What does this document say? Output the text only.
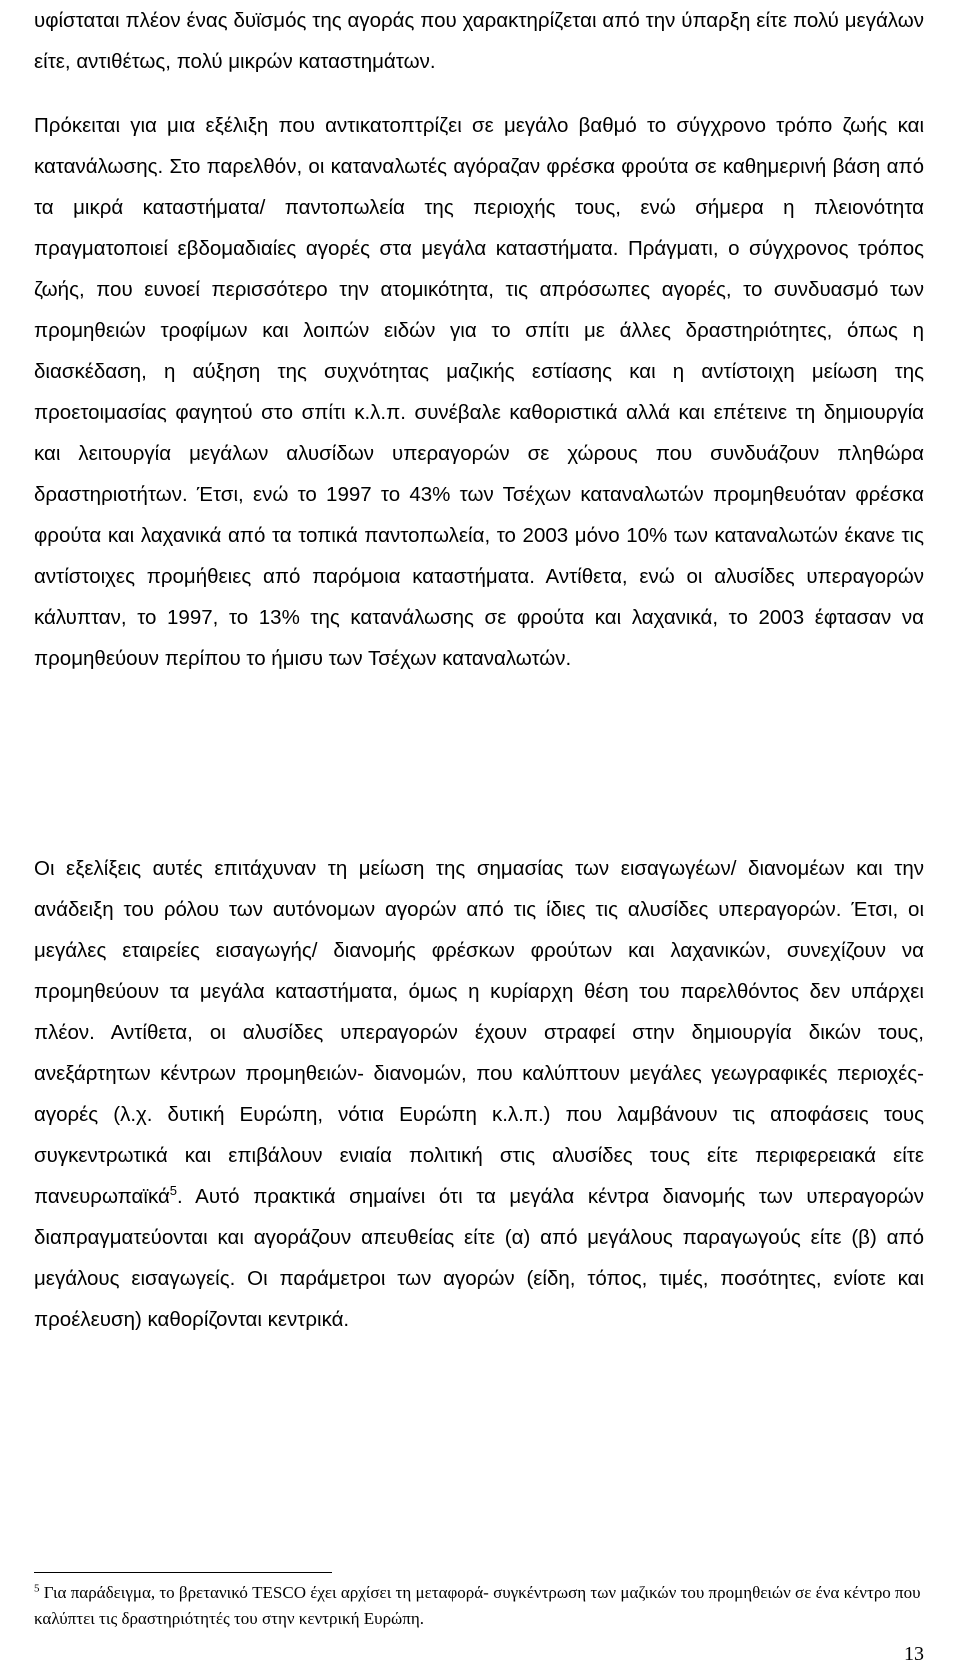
υφίσταται πλέον ένας δυϊσμός της αγοράς που χαρακτηρίζεται από την ύπαρξη είτε πολύ μεγάλων είτε, αντιθέτως, πολύ μικρών καταστημάτων.

Πρόκειται για μια εξέλιξη που αντικατοπτρίζει σε μεγάλο βαθμό το σύγχρονο τρόπο ζωής και κατανάλωσης. Στο παρελθόν, οι καταναλωτές αγόραζαν φρέσκα φρούτα σε καθημερινή βάση από τα μικρά καταστήματα/ παντοπωλεία της περιοχής τους, ενώ σήμερα η πλειονότητα πραγματοποιεί εβδομαδιαίες αγορές στα μεγάλα καταστήματα. Πράγματι, ο σύγχρονος τρόπος ζωής, που ευνοεί περισσότερο την ατομικότητα, τις απρόσωπες αγορές, το συνδυασμό των προμηθειών τροφίμων και λοιπών ειδών για το σπίτι με άλλες δραστηριότητες, όπως η διασκέδαση, η αύξηση της συχνότητας μαζικής εστίασης και η αντίστοιχη μείωση της προετοιμασίας φαγητού στο σπίτι κ.λ.π. συνέβαλε καθοριστικά αλλά και επέτεινε τη δημιουργία και λειτουργία μεγάλων αλυσίδων υπεραγορών σε χώρους που συνδυάζουν πληθώρα δραστηριοτήτων. Έτσι, ενώ το 1997 το 43% των Τσέχων καταναλωτών προμηθευόταν φρέσκα φρούτα και λαχανικά από τα τοπικά παντοπωλεία, το 2003 μόνο 10% των καταναλωτών έκανε τις αντίστοιχες προμήθειες από παρόμοια καταστήματα. Αντίθετα, ενώ οι αλυσίδες υπεραγορών κάλυπταν, το 1997, το 13% της κατανάλωσης σε φρούτα και λαχανικά, το 2003 έφτασαν να προμηθεύουν περίπου το ήμισυ των Τσέχων καταναλωτών.

Οι εξελίξεις αυτές επιτάχυναν τη μείωση της σημασίας των εισαγωγέων/ διανομέων και την ανάδειξη του ρόλου των αυτόνομων αγορών από τις ίδιες τις αλυσίδες υπεραγορών. Έτσι, οι μεγάλες εταιρείες εισαγωγής/ διανομής φρέσκων φρούτων και λαχανικών, συνεχίζουν να προμηθεύουν τα μεγάλα καταστήματα, όμως η κυρίαρχη θέση του παρελθόντος δεν υπάρχει πλέον. Αντίθετα, οι αλυσίδες υπεραγορών έχουν στραφεί στην δημιουργία δικών τους, ανεξάρτητων κέντρων προμηθειών- διανομών, που καλύπτουν μεγάλες γεωγραφικές περιοχές- αγορές (λ.χ. δυτική Ευρώπη, νότια Ευρώπη κ.λ.π.) που λαμβάνουν τις αποφάσεις τους συγκεντρωτικά και επιβάλουν ενιαία πολιτική στις αλυσίδες τους είτε περιφερειακά είτε πανευρωπαϊκά$^5$. Αυτό πρακτικά σημαίνει ότι τα μεγάλα κέντρα διανομής των υπεραγορών διαπραγματεύονται και αγοράζουν απευθείας είτε (α) από μεγάλους παραγωγούς είτε (β) από μεγάλους εισαγωγείς. Οι παράμετροι των αγορών (είδη, τόπος, τιμές, ποσότητες, ενίοτε και προέλευση) καθορίζονται κεντρικά.

$^5$ Για παράδειγμα, το βρετανικό TESCO έχει αρχίσει τη μεταφορά- συγκέντρωση των μαζικών του προμηθειών σε ένα κέντρο που καλύπτει τις δραστηριότητές του στην κεντρική Ευρώπη.

13
